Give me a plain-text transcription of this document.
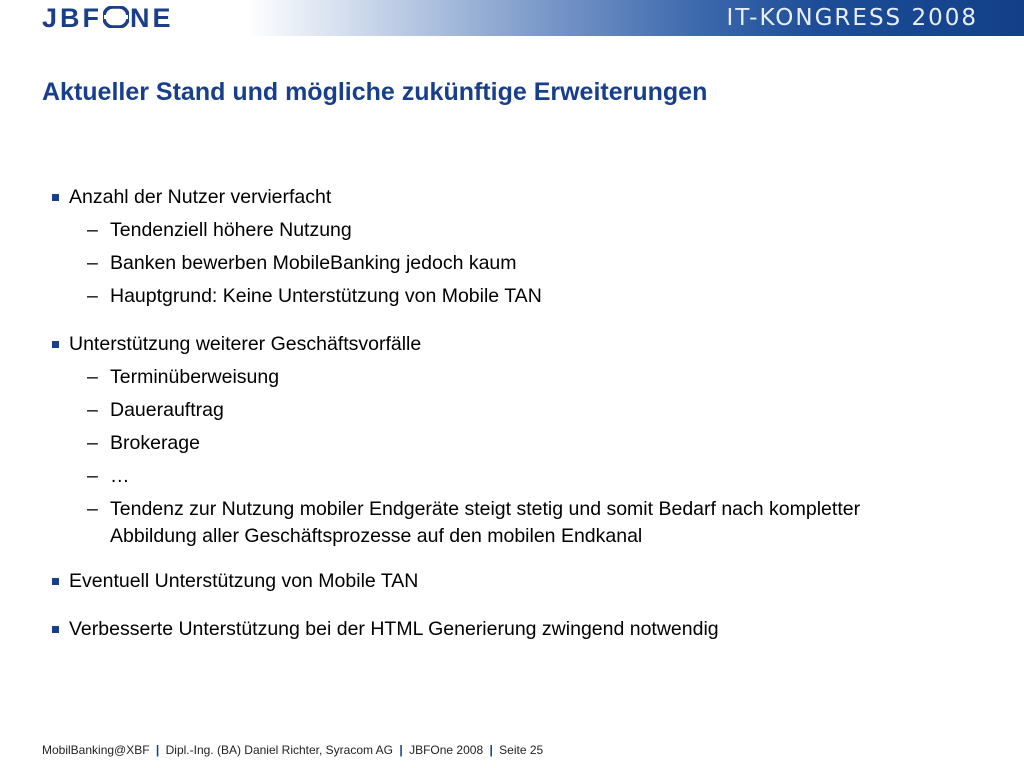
JBF NE	IT-KONGRESS 2008
Aktueller Stand und mögliche zukünftige Erweiterungen
Anzahl der Nutzer vervierfacht
– Tendenziell höhere Nutzung
– Banken bewerben MobileBanking jedoch kaum
– Hauptgrund: Keine Unterstützung von Mobile TAN
Unterstützung weiterer Geschäftsvorfälle
– Terminüberweisung
– Dauerauftrag
– Brokerage
– …
– Tendenz zur Nutzung mobiler Endgeräte steigt stetig und somit Bedarf nach kompletter Abbildung aller Geschäftsprozesse auf den mobilen Endkanal
Eventuell Unterstützung von Mobile TAN
Verbesserte Unterstützung bei der HTML Generierung zwingend notwendig
MobilBanking@XBF | Dipl.-Ing. (BA) Daniel Richter, Syracom AG | JBFOne 2008 | Seite 25
